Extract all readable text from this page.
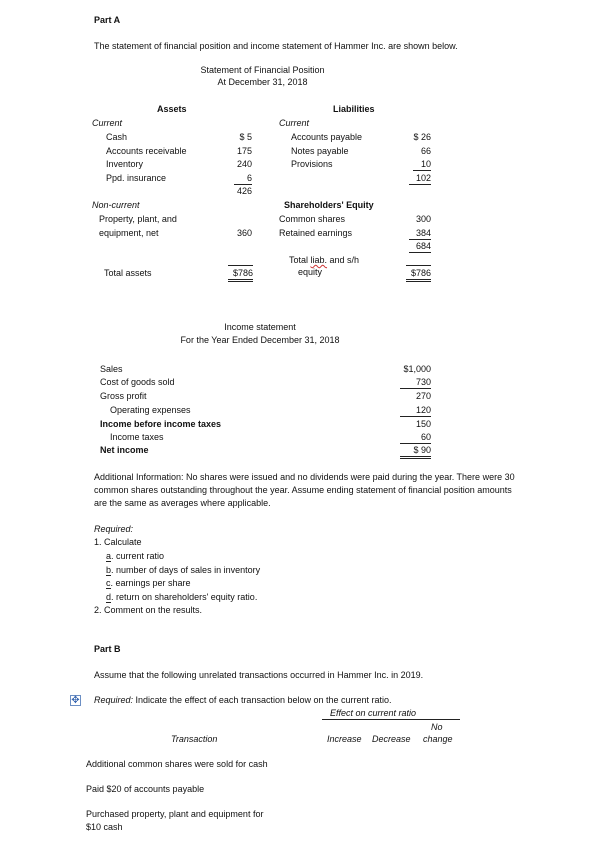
Part A
The statement of financial position and income statement of Hammer Inc. are shown below.
Statement of Financial Position
At December 31, 2018
Assets	Liabilities
Current	Current
Cash	$ 5
Accounts receivable	175
Inventory	240
Ppd. insurance	6
426
Accounts payable	$ 26
Notes payable	66
Provisions	10
102
Non-current
Property, plant, and
equipment, net	360
Shareholders' Equity
Common shares	300
Retained earnings	384
684
Total assets	$786
Total liab. and s/h
equity	$786
Income statement
For the Year Ended December 31, 2018
Sales	$1,000
Cost of goods sold	730
Gross profit	270
Operating expenses	120
Income before income taxes	150
Income taxes	60
Net income	$ 90
Additional Information: No shares were issued and no dividends were paid during the year. There were 30
common shares outstanding throughout the year. Assume ending statement of financial position amounts
are the same as averages where applicable.
Required:
1. Calculate
a. current ratio
b. number of days of sales in inventory
c. earnings per share
d. return on shareholders' equity ratio.
2. Comment on the results.
Part B
Assume that the following unrelated transactions occurred in Hammer Inc. in 2019.
✥ Required: Indicate the effect of each transaction below on the current ratio.
Effect on current ratio
No
Transaction	Increase Decrease change
Additional common shares were sold for cash
Paid $20 of accounts payable
Purchased property, plant and equipment for
$10 cash
